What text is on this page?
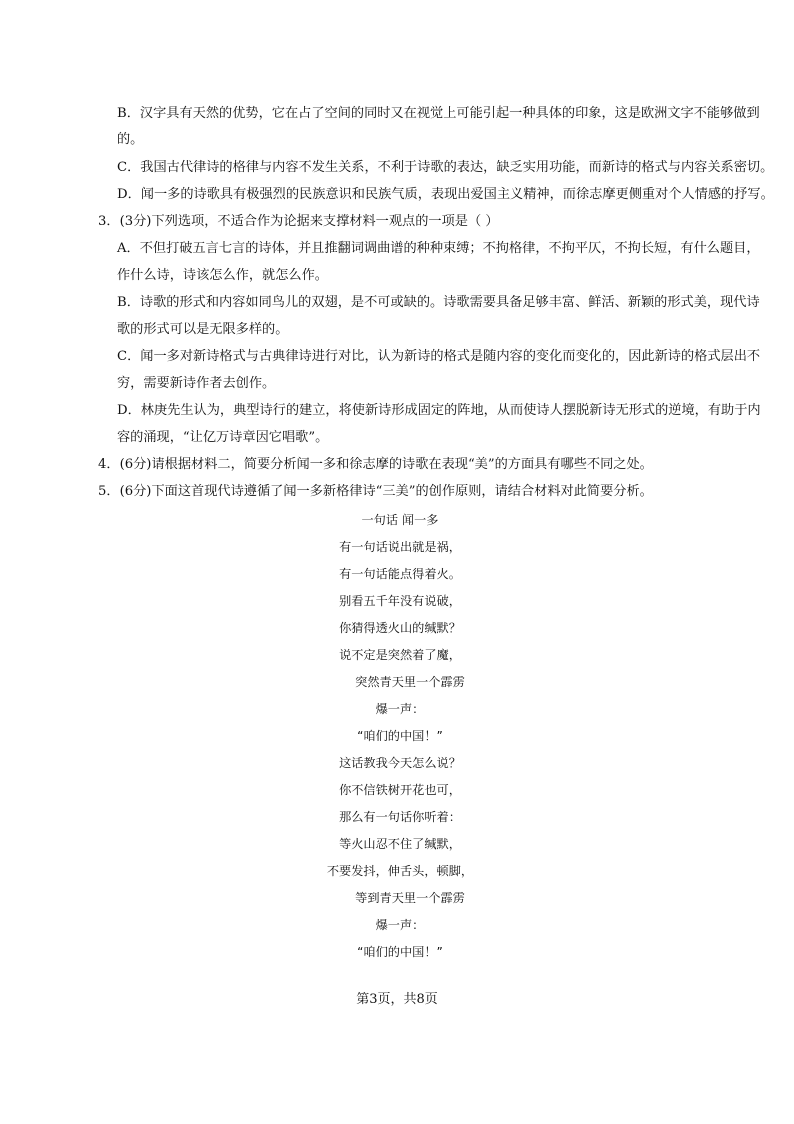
B．汉字具有天然的优势，它在占了空间的同时又在视觉上可能引起一种具体的印象，这是欧洲文字不能够做到
的。
C．我国古代律诗的格律与内容不发生关系，不利于诗歌的表达，缺乏实用功能，而新诗的格式与内容关系密切。
D．闻一多的诗歌具有极强烈的民族意识和民族气质，表现出爱国主义精神，而徐志摩更侧重对个人情感的抒写。
3．(3分)下列选项，不适合作为论据来支撑材料一观点的一项是（ ）
A．不但打破五言七言的诗体，并且推翻词调曲谱的种种束缚；不拘格律，不拘平仄，不拘长短，有什么题目，
作什么诗，诗该怎么作，就怎么作。
B．诗歌的形式和内容如同鸟儿的双翅，是不可或缺的。诗歌需要具备足够丰富、鲜活、新颖的形式美，现代诗
歌的形式可以是无限多样的。
C．闻一多对新诗格式与古典律诗进行对比，认为新诗的格式是随内容的变化而变化的，因此新诗的格式层出不
穷，需要新诗作者去创作。
D．林庚先生认为，典型诗行的建立，将使新诗形成固定的阵地，从而使诗人摆脱新诗无形式的逆境，有助于内
容的涌现，“让亿万诗章因它唱歌”。
4．(6分)请根据材料二，简要分析闻一多和徐志摩的诗歌在表现“美”的方面具有哪些不同之处。
5．(6分)下面这首现代诗遵循了闻一多新格律诗“三美”的创作原则，请结合材料对此简要分析。
一句话 闻一多
有一句话说出就是祸，
有一句话能点得着火。
别看五千年没有说破，
你猜得透火山的缄默？
说不定是突然着了魔，
突然青天里一个霹雳
爆一声：
“咱们的中国！”
这话教我今天怎么说？
你不信铁树开花也可，
那么有一句话你听着：
等火山忍不住了缄默，
不要发抖，伸舌头，顿脚，
等到青天里一个霹雳
爆一声：
“咱们的中国！”
第3页，共8页
